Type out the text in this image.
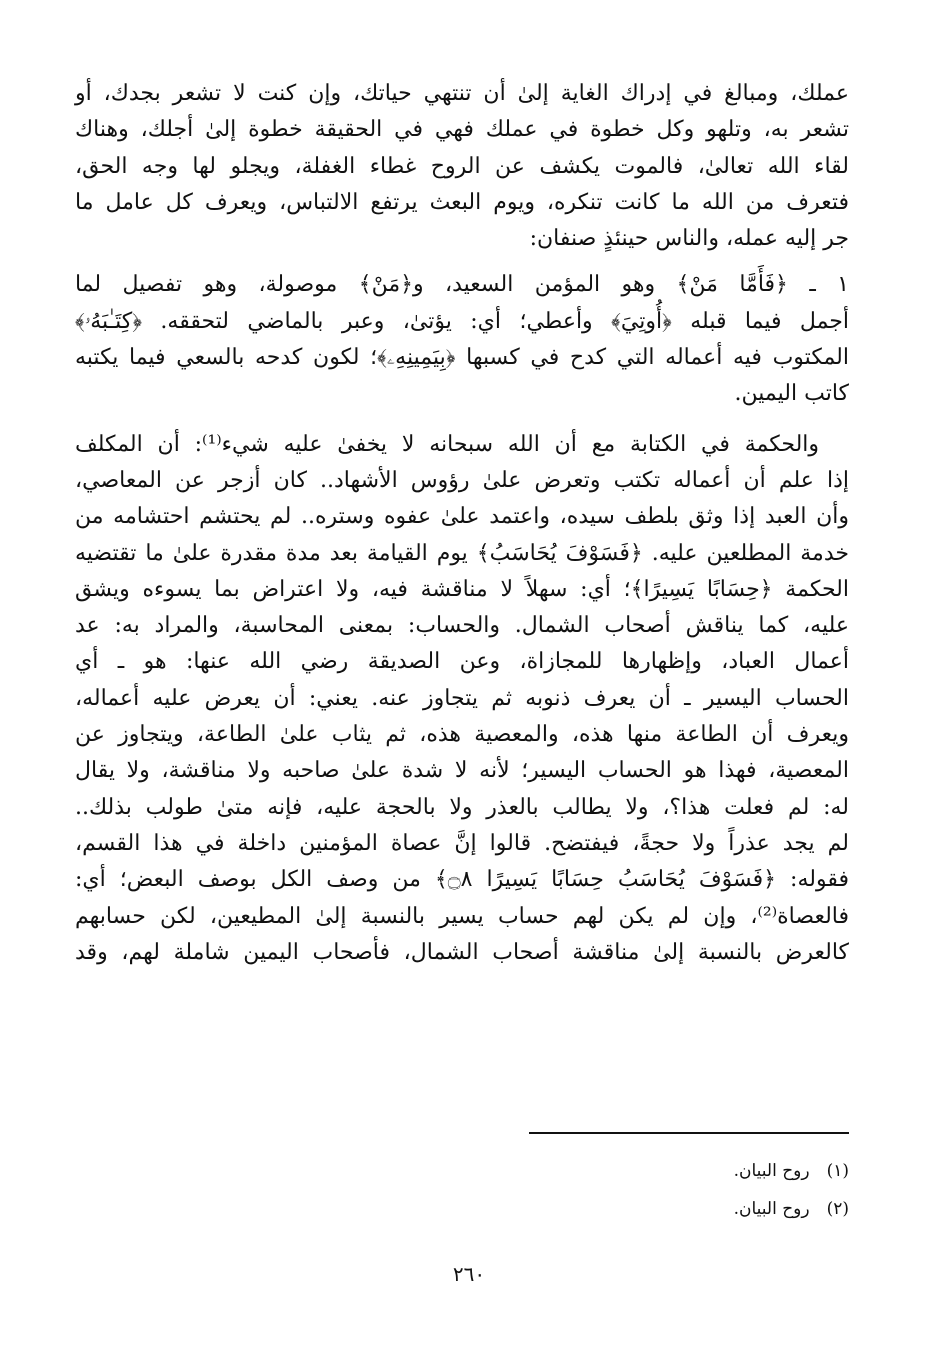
عملك، ومبالغ في إدراك الغاية إلىٰ أن تنتهي حياتك، وإن كنت لا تشعر بجدك، أو

تشعر به، وتلهو وكل خطوة في عملك فهي في الحقيقة خطوة إلىٰ أجلك، وهناك

لقاء الله تعالىٰ، فالموت يكشف عن الروح غطاء الغفلة، ويجلو لها وجه الحق،

فتعرف من الله ما كانت تنكره، ويوم البعث يرتفع الالتباس، ويعرف كل عامل ما

جر إليه عمله، والناس حينئذٍ صنفان:

١ ـ ﴿فَأَمَّا مَنْ﴾ وهو المؤمن السعيد، و﴿مَنْ﴾ موصولة، وهو تفصيل لما

أجمل فيما قبله ﴿أُوتِيَ﴾ وأعطي؛ أي: يؤتىٰ، وعبر بالماضي لتحققه. ﴿كِتَـٰبَهُۥ﴾

المكتوب فيه أعماله التي كدح في كسبها ﴿بِيَمِينِهِۦ﴾؛ لكون كدحه بالسعي فيما يكتبه

كاتب اليمين.

والحكمة في الكتابة مع أن الله سبحانه لا يخفىٰ عليه شيء⁽¹⁾: أن المكلف

إذا علم أن أعماله تكتب وتعرض علىٰ رؤوس الأشهاد.. كان أزجر عن المعاصي،

وأن العبد إذا وثق بلطف سيده، واعتمد علىٰ عفوه وستره.. لم يحتشم احتشامه من

خدمة المطلعين عليه. ﴿فَسَوْفَ يُحَاسَبُ﴾ يوم القيامة بعد مدة مقدرة علىٰ ما تقتضيه

الحكمة ﴿حِسَابًا يَسِيرًا﴾؛ أي: سهلاً لا مناقشة فيه، ولا اعتراض بما يسوءه ويشق

عليه، كما يناقش أصحاب الشمال. والحساب: بمعنى المحاسبة، والمراد به: عد

أعمال العباد، وإظهارها للمجازاة، وعن الصديقة رضي الله عنها: هو ـ أي

الحساب اليسير ـ أن يعرف ذنوبه ثم يتجاوز عنه. يعني: أن يعرض عليه أعماله،

ويعرف أن الطاعة منها هذه، والمعصية هذه، ثم يثاب علىٰ الطاعة، ويتجاوز عن

المعصية، فهذا هو الحساب اليسير؛ لأنه لا شدة علىٰ صاحبه ولا مناقشة، ولا يقال

له: لم فعلت هذا؟، ولا يطالب بالعذر ولا بالحجة عليه، فإنه متىٰ طولب بذلك..

لم يجد عذراً ولا حجةً، فيفتضح. قالوا إنَّ عصاة المؤمنين داخلة في هذا القسم،

فقوله: ﴿فَسَوْفَ يُحَاسَبُ حِسَابًا يَسِيرًا ۝٨﴾ من وصف الكل بوصف البعض؛ أي:

فالعصاة⁽²⁾، وإن لم يكن لهم حساب يسير بالنسبة إلىٰ المطيعين، لكن حسابهم

كالعرض بالنسبة إلىٰ مناقشة أصحاب الشمال، فأصحاب اليمين شاملة لهم، وقد

(١) روح البيان.
(٢) روح البيان.
٢٦٠
